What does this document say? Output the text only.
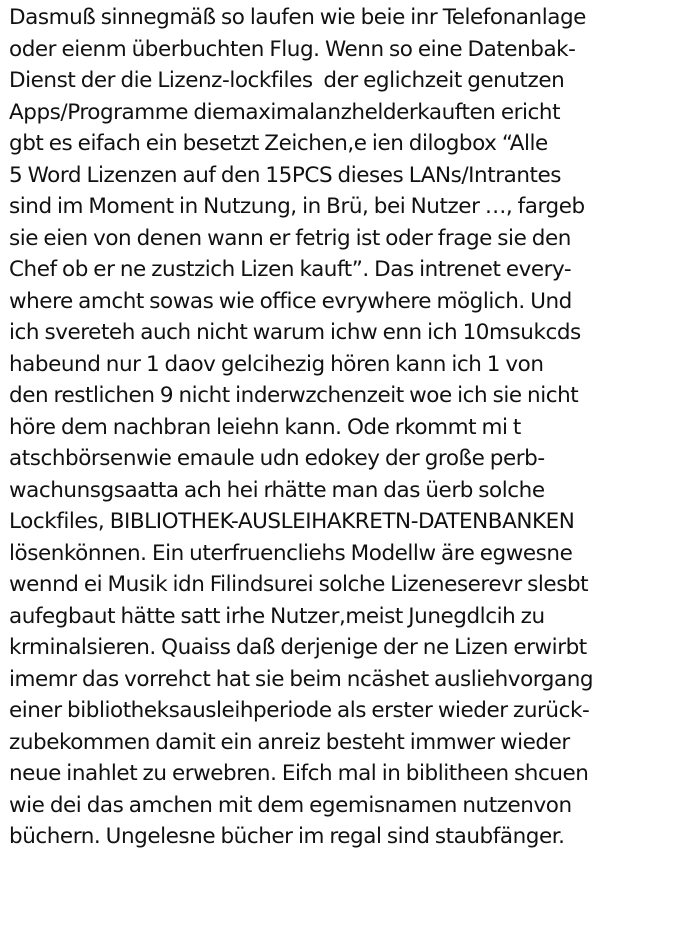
Dasmuß sinnegmäß so laufen wie beie inr Telefonanlage
oder eienm überbuchten Flug. Wenn so eine Datenbak-
Dienst der die Lizenz-lockfiles  der eglichzeit genutzen
Apps/Programme diemaximalanzhelderkauften ericht
gbt es eifach ein besetzt Zeichen,e ien dilogbox “Alle
5 Word Lizenzen auf den 15PCS dieses LANs/Intrantes
sind im Moment in Nutzung, in Brü, bei Nutzer …, fargeb
sie eien von denen wann er fetrig ist oder frage sie den
Chef ob er ne zustzich Lizen kauft”. Das intrenet every-
where amcht sowas wie office evrywhere möglich. Und
ich svereteh auch nicht warum ichw enn ich 10msukcds
habeund nur 1 daov gelcihezig hören kann ich 1 von
den restlichen 9 nicht inderwzchenzeit woe ich sie nicht
höre dem nachbran leiehn kann. Ode rkommt mi t
atschbörsenwie emaule udn edokey der große perb-
wachunsgsaatta ach hei rhätte man das üerb solche
Lockfiles, BIBLIOTHEK-AUSLEIHAKRETN-DATENBANKEN
lösenkönnen. Ein uterfruencliehs Modellw äre egwesne
wennd ei Musik idn Filindsurei solche Lizeneserevr slesbt
aufegbaut hätte satt irhe Nutzer,meist Junegdlcih zu
krminalsieren. Quaiss daß derjenige der ne Lizen erwirbt
imemr das vorrehct hat sie beim ncäshet ausliehvorgang
einer bibliotheksausleihperiode als erster wieder zurück-
zubekommen damit ein anreiz besteht immwer wieder
neue inahlet zu erwebren. Eifch mal in biblitheen shcuen
wie dei das amchen mit dem egemisnamen nutzenvon
büchern. Ungelesne bücher im regal sind staubfänger.
